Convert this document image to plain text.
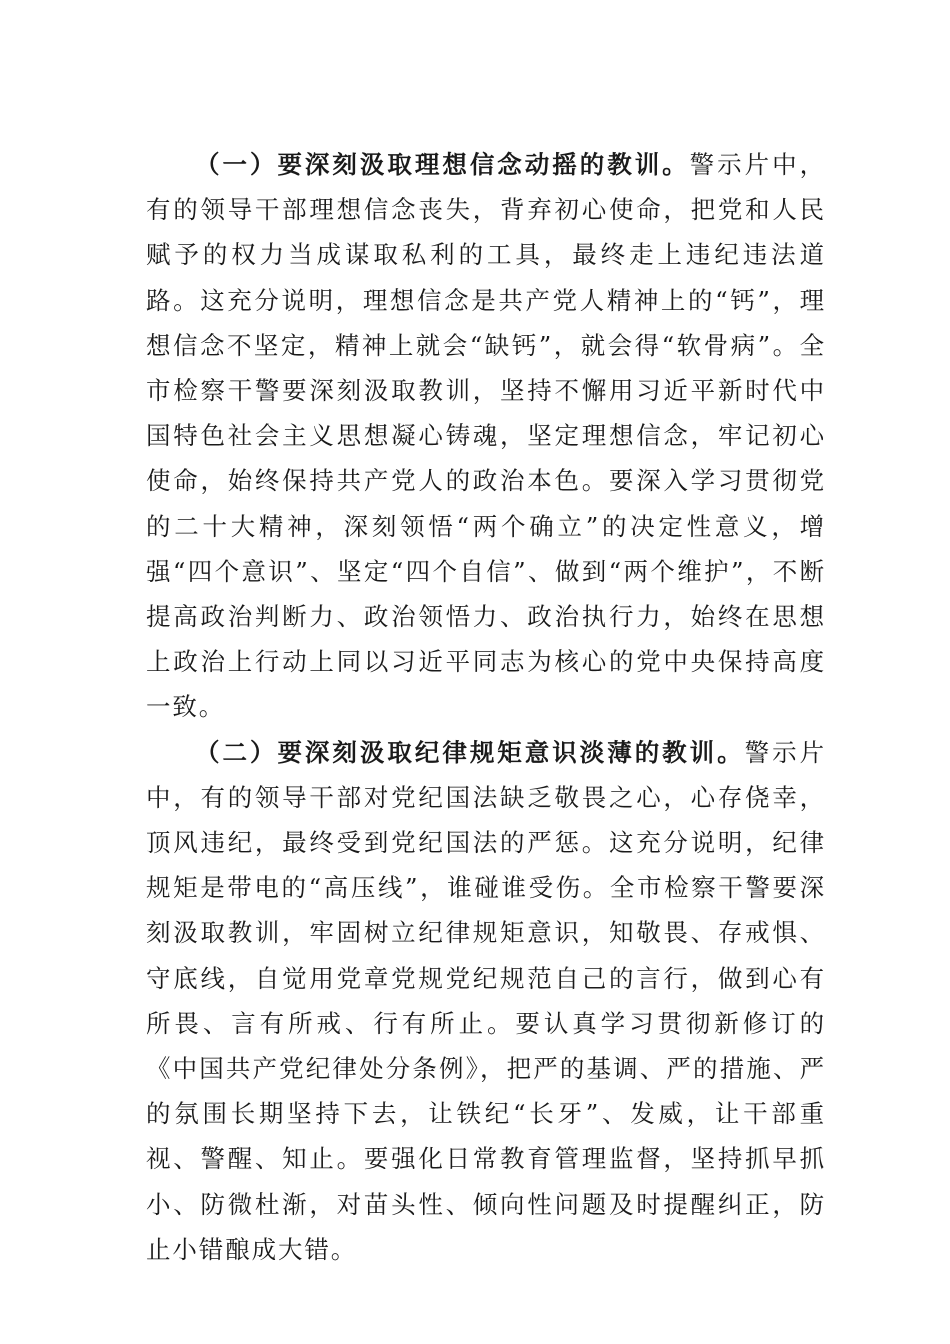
（一）要深刻汲取理想信念动摇的教训。警示片中，有的领导干部理想信念丧失，背弃初心使命，把党和人民赋予的权力当成谋取私利的工具，最终走上违纪违法道路。这充分说明，理想信念是共产党人精神上的“钙”，理想信念不坚定，精神上就会“缺钙”，就会得“软骨病”。全市检察干警要深刻汲取教训，坚持不懈用习近平新时代中国特色社会主义思想凝心铸魂，坚定理想信念，牢记初心使命，始终保持共产党人的政治本色。要深入学习贯彻党的二十大精神，深刻领悟“两个确立”的决定性意义，增强“四个意识”、坚定“四个自信”、做到“两个维护”，不断提高政治判断力、政治领悟力、政治执行力，始终在思想上政治上行动上同以习近平同志为核心的党中央保持高度一致。

（二）要深刻汲取纪律规矩意识淡薄的教训。警示片中，有的领导干部对党纪国法缺乏敬畏之心，心存侥幸，顶风违纪，最终受到党纪国法的严惩。这充分说明，纪律规矩是带电的“高压线”，谁碰谁受伤。全市检察干警要深刻汲取教训，牢固树立纪律规矩意识，知敬畏、存戒惧、守底线，自觉用党章党规党纪规范自己的言行，做到心有所畏、言有所戒、行有所止。要认真学习贯彻新修订的《中国共产党纪律处分条例》，把严的基调、严的措施、严的氛围长期坚持下去，让铁纪“长牙”、发威，让干部重视、警醒、知止。要强化日常教育管理监督，坚持抓早抓小、防微杜渐，对苗头性、倾向性问题及时提醒纠正，防止小错酿成大错。
